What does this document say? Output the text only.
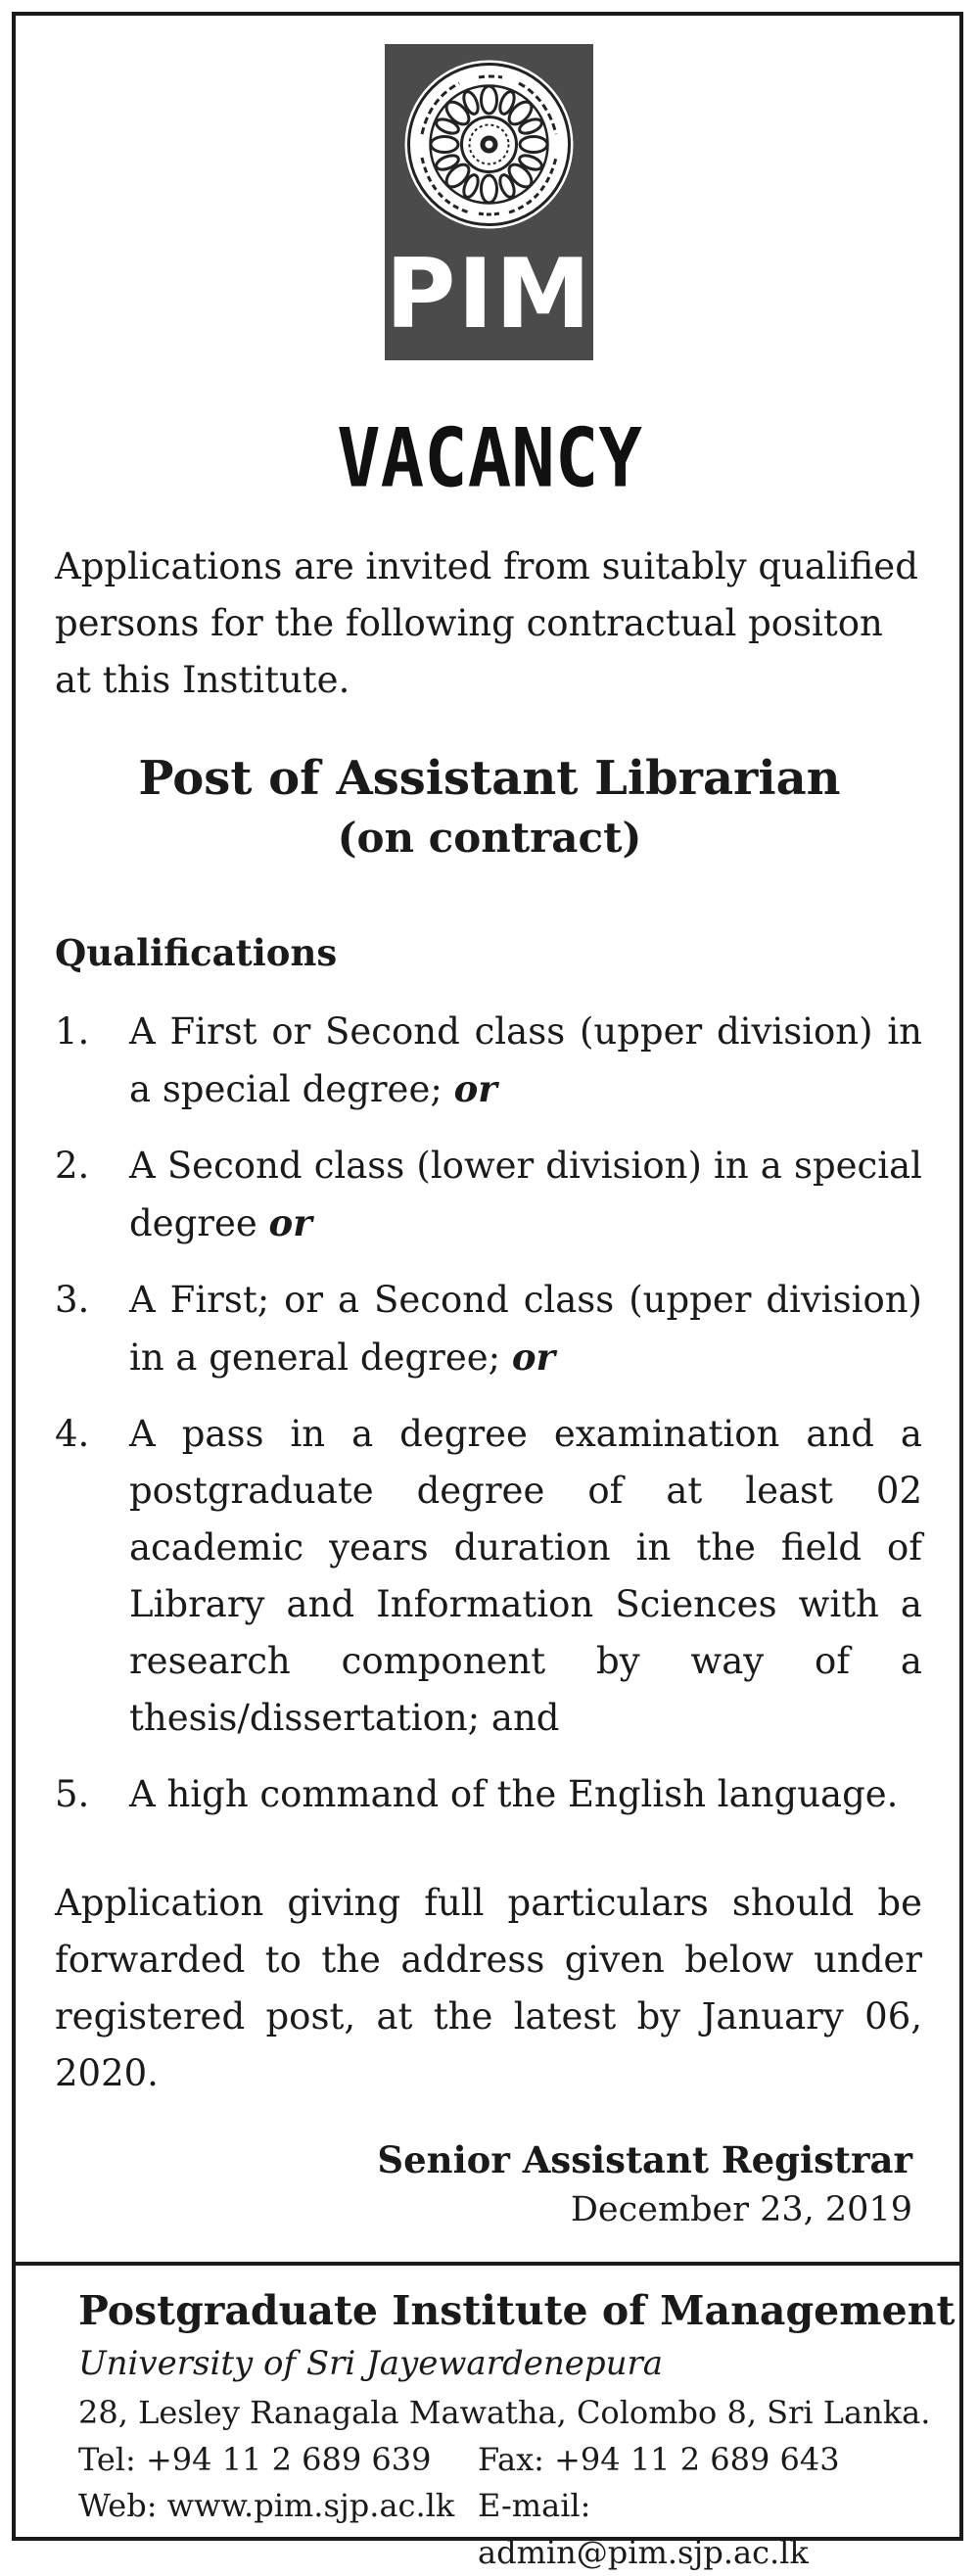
PIM
VACANCY

Applications are invited from suitably qualified persons for the following contractual positon at this Institute.

Post of Assistant Librarian

(on contract)

Qualifications

1. A First or Second class (upper division) in a special degree; or
2. A Second class (lower division) in a special degree or
3. A First; or a Second class (upper division) in a general degree; or
4. A pass in a degree examination and a postgraduate degree of at least 02 academic years duration in the field of Library and Information Sciences with a research component by way of a thesis/dissertation; and
5. A high command of the English language.

Application giving full particulars should be forwarded to the address given below under registered post, at the latest by January 06, 2020.

Senior Assistant Registrar
December 23, 2019

Postgraduate Institute of Management

University of Sri Jayewardenepura
28, Lesley Ranagala Mawatha, Colombo 8, Sri Lanka.
Tel: +94 11 2 689 639 Fax: +94 11 2 689 643
Web: www.pim.sjp.ac.lk E-mail: admin@pim.sjp.ac.lk
